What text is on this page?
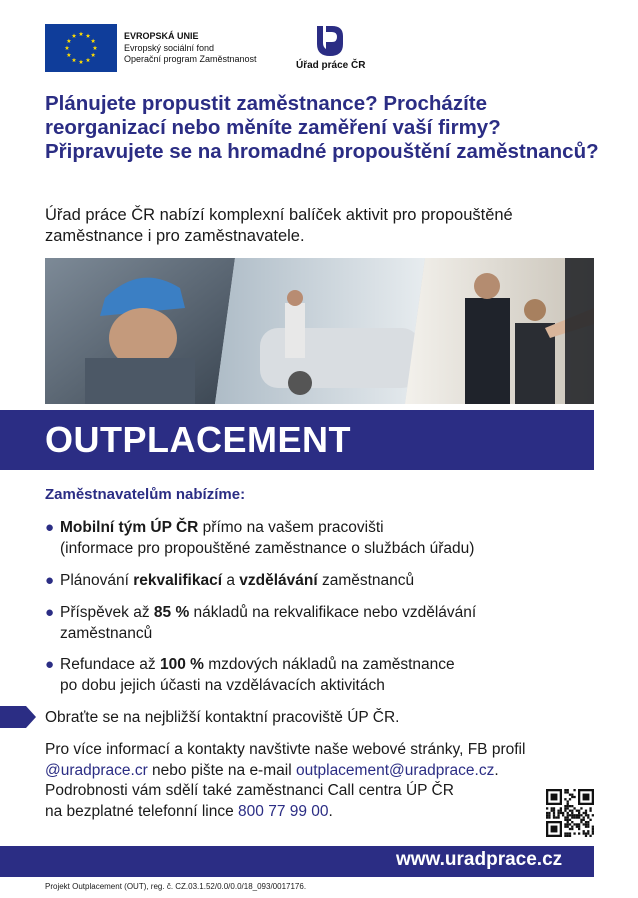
EVROPSKÁ UNIE
Evropský sociální fond
Operační program Zaměstnanost
Úřad práce ČR
Plánujete propustit zaměstnance? Procházíte reorganizací nebo měníte zaměření vaší firmy? Připravujete se na hromadné propouštění zaměstnanců?
Úřad práce ČR nabízí komplexní balíček aktivit pro propouštěné zaměstnance i pro zaměstnavatele.
OUTPLACEMENT
Zaměstnavatelům nabízíme:
● Mobilní tým ÚP ČR přímo na vašem pracovišti
(informace pro propouštěné zaměstnance o službách úřadu)
● Plánování rekvalifikací a vzdělávání zaměstnanců
● Příspěvek až 85 % nákladů na rekvalifikace nebo vzdělávání
zaměstnanců
● Refundace až 100 % mzdových nákladů na zaměstnance
po dobu jejich účasti na vzdělávacích aktivitách
Obraťte se na nejbližší kontaktní pracoviště ÚP ČR.
Pro více informací a kontakty navštivte naše webové stránky, FB profil
@uradprace.cr nebo pište na e-mail outplacement@uradprace.cz.
Podrobnosti vám sdělí také zaměstnanci Call centra ÚP ČR
na bezplatné telefonní lince 800 77 99 00.
www.uradprace.cz
Projekt Outplacement (OUT), reg. č. CZ.03.1.52/0.0/0.0/18_093/0017176.
